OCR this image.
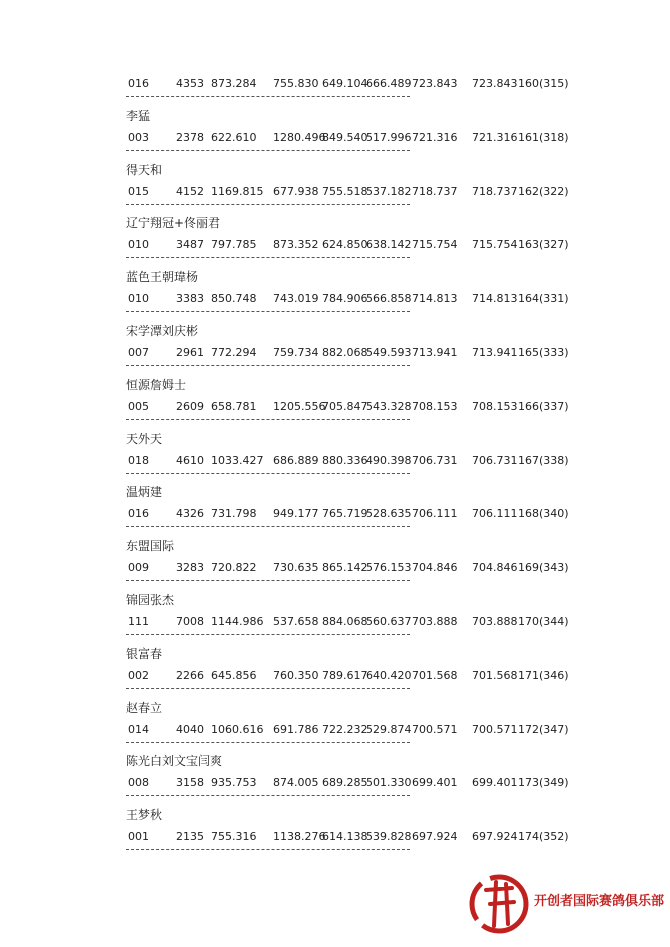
016 4353 873.284 755.830 649.104
666.489 723.843 723.843 160(315)
李猛
003 2378 622.610 1280.496
849.540
517.996 721.316 721.316 161(318)
得天和
015 4152 1169.815 677.938 755.518
537.182 718.737 718.737 162(322)
辽宁翔冠+佟丽君
010 3487 797.785 873.352 624.850
638.142 715.754 715.754 163(327)
蓝色王朝瑋杨
010 3383 850.748 743.019 784.906
566.858 714.813 714.813 164(331)
宋学潭刘庆彬
007 2961 772.294 759.734 882.068
549.593 713.941 713.941 165(333)
恒源詹姆士
005 2609 658.781 1205.556
705.847
543.328 708.153 708.153 166(337)
天外天
018 4610 1033.427 686.889 880.336
490.398 706.731 706.731 167(338)
温炳建
016 4326 731.798 949.177 765.719
528.635 706.111 706.111 168(340)
东盟国际
009 3283 720.822 730.635 865.142
576.153 704.846 704.846 169(343)
锦园张杰
111 7008 1144.986 537.658 884.068
560.637 703.888 703.888 170(344)
银富春
002 2266 645.856 760.350 789.617
640.420 701.568 701.568 171(346)
赵春立
014 4040 1060.616 691.786 722.232
529.874 700.571 700.571 172(347)
陈光白刘文宝闫爽
008 3158 935.753 874.005 689.285
501.330 699.401 699.401 173(349)
王梦秋
001 2135 755.316 1138.276
614.138
539.828 697.924 697.924 174(352)
开创者国际赛鸽俱乐部
